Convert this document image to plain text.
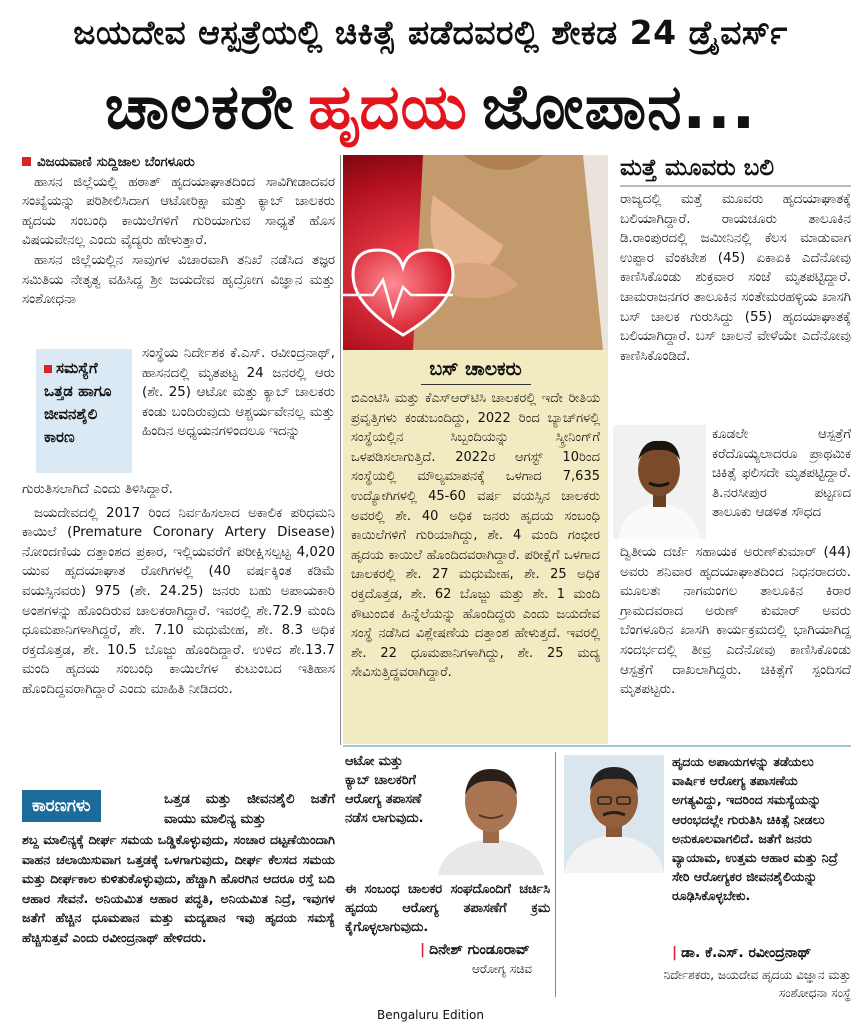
ಜಯದೇವ ಆಸ್ಪತ್ರೆಯಲ್ಲಿ ಚಿಕಿತ್ಸೆ ಪಡೆದವರಲ್ಲಿ ಶೇಕಡ 24 ಡ್ರೈವರ್ಸ್
ಚಾಲಕರೇ ಹೃದಯ ಜೋಪಾನ...
ವಿಜಯವಾಣಿ ಸುದ್ದಿಜಾಲ ಬೆಂಗಳೂರು

ಹಾಸನ ಜಿಲ್ಲೆಯಲ್ಲಿ ಹಠಾತ್ ಹೃದಯಾಘಾತದಿಂದ ಸಾವಿಗೀಡಾದವರ ಸಂಖ್ಯೆಯನ್ನು ಪರಿಶೀಲಿಸಿದಾಗ ಆಟೋರಿಕ್ಷಾ ಮತ್ತು ಕ್ಯಾಬ್ ಚಾಲಕರು ಹೃದಯ ಸಂಬಂಧಿ ಕಾಯಿಲೆಗಳಿಗೆ ಗುರಿಯಾಗುವ ಸಾಧ್ಯತೆ ಹೊಸ ವಿಷಯವೇನಲ್ಲ ಎಂದು ವೈದ್ಯರು ಹೇಳುತ್ತಾರೆ.

ಹಾಸನ ಜಿಲ್ಲೆಯಲ್ಲಿನ ಸಾವುಗಳ ವಿಚಾರವಾಗಿ ತನಿಖೆ ನಡೆಸಿದ ತಜ್ಞರ ಸಮಿತಿಯ ನೇತೃತ್ವ ವಹಿಸಿದ್ದ ಶ್ರೀ ಜಯದೇವ ಹೃದ್ರೋಗ ವಿಜ್ಞಾನ ಮತ್ತು ಸಂಶೋಧನಾ

ಸಮಸ್ಯೆಗೆ ಒತ್ತಡ ಹಾಗೂ ಜೀವನಶೈಲಿ ಕಾರಣ
ಸಂಸ್ಥೆಯ ನಿರ್ದೇಶಕ ಕೆ.ಎಸ್. ರವೀಂದ್ರನಾಥ್, ಹಾಸನದಲ್ಲಿ ಮೃತಪಟ್ಟ 24 ಜನರಲ್ಲಿ ಆರು (ಶೇ. 25) ಆಟೋ ಮತ್ತು ಕ್ಯಾಬ್ ಚಾಲಕರು ಕಂಡು ಬಂದಿರುವುದು ಆಶ್ಚರ್ಯವೇನಲ್ಲ ಮತ್ತು ಹಿಂದಿನ ಅಧ್ಯಯನಗಳಿಂದಲೂ ಇದನ್ನು

ಗುರುತಿಸಲಾಗಿದೆ ಎಂದು ತಿಳಿಸಿದ್ದಾರೆ.

ಜಯದೇವದಲ್ಲಿ 2017 ರಿಂದ ನಿರ್ವಹಿಸಲಾದ ಅಕಾಲಿಕ ಪರಿಧಮನಿ ಕಾಯಿಲೆ (Premature Coronary Artery Disease) ನೋಂದಣಿಯ ದತ್ತಾಂಶದ ಪ್ರಕಾರ, ಇಲ್ಲಿಯವರೆಗೆ ಪರೀಕ್ಷಿಸಲ್ಪಟ್ಟ 4,020 ಯುವ ಹೃದಯಾಘಾತ ರೋಗಿಗಳಲ್ಲಿ (40 ವರ್ಷಕ್ಕಿಂತ ಕಡಿಮೆ ವಯಸ್ಸಿನವರು) 975 (ಶೇ. 24.25) ಜನರು ಬಹು ಅಪಾಯಕಾರಿ ಅಂಶಗಳನ್ನು ಹೊಂದಿರುವ ಚಾಲಕರಾಗಿದ್ದಾರೆ. ಇವರಲ್ಲಿ ಶೇ.72.9 ಮಂದಿ ಧೂಮಪಾನಿಗಳಾಗಿದ್ದರೆ, ಶೇ. 7.10 ಮಧುಮೇಹ, ಶೇ. 8.3 ಅಧಿಕ ರಕ್ತದೊತ್ತಡ, ಶೇ. 10.5 ಬೊಜ್ಜು ಹೊಂದಿದ್ದಾರೆ. ಉಳಿದ ಶೇ.13.7 ಮಂದಿ ಹೃದಯ ಸಂಬಂಧಿ ಕಾಯಿಲೆಗಳ ಕುಟುಂಬದ ಇತಿಹಾಸ ಹೊಂದಿದ್ದವರಾಗಿದ್ದಾರೆ ಎಂದು ಮಾಹಿತಿ ನೀಡಿದರು.

ಕಾರಣಗಳು	ಒತ್ತಡ ಮತ್ತು ಜೀವನಶೈಲಿ ಜತೆಗೆ ವಾಯು ಮಾಲಿನ್ಯ ಮತ್ತು
ಶಬ್ದ ಮಾಲಿನ್ಯಕ್ಕೆ ದೀರ್ಘ ಸಮಯ ಒಡ್ಡಿಕೊಳ್ಳುವುದು, ಸಂಚಾರ ದಟ್ಟಣೆಯಿಂದಾಗಿ ವಾಹನ ಚಲಾಯಿಸುವಾಗ ಒತ್ತಡಕ್ಕೆ ಒಳಗಾಗುವುದು, ದೀರ್ಘ ಕೆಲಸದ ಸಮಯ ಮತ್ತು ದೀರ್ಘಕಾಲ ಕುಳಿತುಕೊಳ್ಳುವುದು, ಹೆಚ್ಚಾಗಿ ಹೊರಗಿನ ಆದರೂ ರಸ್ತೆ ಬದಿ ಆಹಾರ ಸೇವನೆ. ಅನಿಯಮಿತ ಆಹಾರ ಪದ್ಧತಿ, ಅನಿಯಮಿತ ನಿದ್ರೆ, ಇವುಗಳ ಜತೆಗೆ ಹೆಚ್ಚಿನ ಧೂಮಪಾನ ಮತ್ತು ಮದ್ಯಪಾನ ಇವು ಹೃದಯ ಸಮಸ್ಯೆ ಹೆಚ್ಚಿಸುತ್ತವೆ ಎಂದು ರವೀಂದ್ರನಾಥ್ ಹೇಳಿದರು.
ಬಸ್ ಚಾಲಕರು
ಬಿಎಂಟಿಸಿ ಮತ್ತು ಕೆಎಸ್‌ಆರ್‌ಟಿಸಿ ಚಾಲಕರಲ್ಲಿ ಇದೇ ರೀತಿಯ ಪ್ರವೃತ್ತಿಗಳು ಕಂಡುಬಂದಿದ್ದು, 2022 ರಿಂದ ಬ್ಯಾಚ್‌ಗಳಲ್ಲಿ ಸಂಸ್ಥೆಯಲ್ಲಿನ ಸಿಬ್ಬಂದಿಯನ್ನು ಸ್ಕ್ರೀನಿಂಗ್‌ಗೆ ಒಳಪಡಿಸಲಾಗುತ್ತಿದೆ. 2022ರ ಆಗಸ್ಟ್ 10ರಿಂದ ಸಂಸ್ಥೆಯಲ್ಲಿ ಮೌಲ್ಯಮಾಪನಕ್ಕೆ ಒಳಗಾದ 7,635 ಉದ್ಯೋಗಿಗಳಲ್ಲಿ 45-60 ವರ್ಷ ವಯಸ್ಸಿನ ಚಾಲಕರು ಅವರಲ್ಲಿ ಶೇ. 40 ಅಧಿಕ ಜನರು ಹೃದಯ ಸಂಬಂಧಿ ಕಾಯಿಲೆಗಳಿಗೆ ಗುರಿಯಾಗಿದ್ದು, ಶೇ. 4 ಮಂದಿ ಗಂಭೀರ ಹೃದಯ ಕಾಯಿಲೆ ಹೊಂದಿದವರಾಗಿದ್ದಾರೆ. ಪರೀಕ್ಷೆಗೆ ಒಳಗಾದ ಚಾಲಕರಲ್ಲಿ ಶೇ. 27 ಮಧುಮೇಹ, ಶೇ. 25 ಅಧಿಕ ರಕ್ತದೊತ್ತಡ, ಶೇ. 62 ಬೊಜ್ಜು ಮತ್ತು ಶೇ. 1 ಮಂದಿ ಕೌಟುಂಬಿಕ ಹಿನ್ನೆಲೆಯನ್ನು ಹೊಂದಿದ್ದರು ಎಂದು ಜಯದೇವ ಸಂಸ್ಥೆ ನಡೆಸಿದ ವಿಶ್ಲೇಷಣೆಯ ದತ್ತಾಂಶ ಹೇಳುತ್ತದೆ. ಇವರಲ್ಲಿ ಶೇ. 22 ಧೂಮಪಾನಿಗಳಾಗಿದ್ದು, ಶೇ. 25 ಮದ್ಯ ಸೇವಿಸುತ್ತಿದ್ದವರಾಗಿದ್ದಾರೆ.
ಮತ್ತೆ ಮೂವರು ಬಲಿ
ರಾಜ್ಯದಲ್ಲಿ ಮತ್ತೆ ಮೂವರು ಹೃದಯಾಘಾತಕ್ಕೆ ಬಲಿಯಾಗಿದ್ದಾರೆ. ರಾಯಚೂರು ತಾಲೂಕಿನ ಡಿ.ರಾಂಪುರದಲ್ಲಿ ಜಮೀನಿನಲ್ಲಿ ಕೆಲಸ ಮಾಡುವಾಗ ಉಪ್ಪಾರ ವೆಂಕಟೇಶ (45) ಏಕಾಏಕಿ ಎದೆನೋವು ಕಾಣಿಸಿಕೊಂಡು ಶುಕ್ರವಾರ ಸಂಜೆ ಮೃತಪಟ್ಟಿದ್ದಾರೆ. ಚಾಮರಾಜನಗರ ತಾಲೂಕಿನ ಸಂತೇಮರಹಳ್ಳಿಯ ಖಾಸಗಿ ಬಸ್ ಚಾಲಕ ಗುರುಸಿದ್ದು (55) ಹೃದಯಾಘಾತಕ್ಕೆ ಬಲಿಯಾಗಿದ್ದಾರೆ. ಬಸ್ ಚಾಲನೆ ವೇಳೆಯೇ ಎದೆನೋವು ಕಾಣಿಸಿಕೊಂಡಿದೆ.
ಕೂಡಲೇ ಆಸ್ಪತ್ರೆಗೆ ಕರೆದೊಯ್ಯಲಾದರೂ ಪ್ರಾಥಮಿಕ ಚಿಕಿತ್ಸೆ ಫಲಿಸದೇ ಮೃತಪಟ್ಟಿದ್ದಾರೆ. ತಿ.ನರಸೀಪುರ ಪಟ್ಟಣದ ತಾಲೂಕು ಆಡಳಿತ ಸೌಧದ
ದ್ವಿತೀಯ ದರ್ಜೆ ಸಹಾಯಕ ಅರುಣ್‌ಕುಮಾರ್ (44) ಅವರು ಶನಿವಾರ ಹೃದಯಾಘಾತದಿಂದ ನಿಧನರಾದರು. ಮೂಲತಃ ನಾಗಮಂಗಲ ತಾಲೂಕಿನ ಕಿರಾರ ಗ್ರಾಮದವರಾದ ಅರುಣ್ ಕುಮಾರ್ ಅವರು ಬೆಂಗಳೂರಿನ ಖಾಸಗಿ ಕಾರ್ಯಕ್ರಮದಲ್ಲಿ ಭಾಗಿಯಾಗಿದ್ದ ಸಂದರ್ಭದಲ್ಲಿ ತೀವ್ರ ಎದೆನೋವು ಕಾಣಿಸಿಕೊಂಡು ಆಸ್ಪತ್ರೆಗೆ ದಾಖಲಾಗಿದ್ದರು. ಚಿಕಿತ್ಸೆಗೆ ಸ್ಪಂದಿಸದೆ ಮೃತಪಟ್ಟರು.
ಆಟೋ ಮತ್ತು ಕ್ಯಾಬ್ ಚಾಲಕರಿಗೆ ಆರೋಗ್ಯ ತಪಾಸಣೆ ನಡೆಸ ಲಾಗುವುದು.
ಈ ಸಂಬಂಧ ಚಾಲಕರ ಸಂಘದೊಂದಿಗೆ ಚರ್ಚಿಸಿ ಹೃದಯ ಆರೋಗ್ಯ ತಪಾಸಣೆಗೆ ಕ್ರಮ ಕೈಗೊಳ್ಳಲಾಗುವುದು.
| ದಿನೇಶ್ ಗುಂಡೂರಾವ್
ಆರೋಗ್ಯ ಸಚಿವ
ಹೃದಯ ಅಪಾಯಗಳನ್ನು ತಡೆಯಲು ವಾರ್ಷಿಕ ಆರೋಗ್ಯ ತಪಾಸಣೆಯ ಅಗತ್ಯವಿದ್ದು, ಇದರಿಂದ ಸಮಸ್ಯೆಯನ್ನು ಆರಂಭದಲ್ಲೇ ಗುರುತಿಸಿ ಚಿಕಿತ್ಸೆ ನೀಡಲು ಅನುಕೂಲವಾಗಲಿದೆ. ಜತೆಗೆ ಜನರು ವ್ಯಾಯಾಮ, ಉತ್ತಮ ಆಹಾರ ಮತ್ತು ನಿದ್ರೆ ಸೇರಿ ಆರೋಗ್ಯಕರ ಜೀವನಶೈಲಿಯನ್ನು ರೂಢಿಸಿಕೊಳ್ಳಬೇಕು.
| ಡಾ. ಕೆ.ಎಸ್. ರವೀಂದ್ರನಾಥ್
ನಿರ್ದೇಶಕರು, ಜಯದೇವ ಹೃದಯ ವಿಜ್ಞಾನ ಮತ್ತು ಸಂಶೋಧನಾ ಸಂಸ್ಥೆ
Bengaluru Edition
